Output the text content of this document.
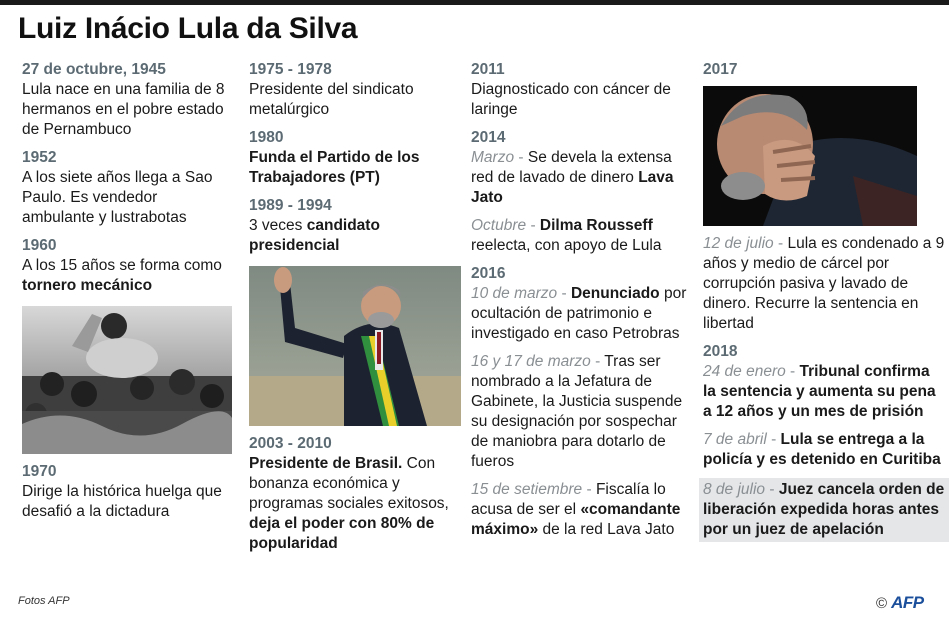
Luiz Inácio Lula da Silva
27 de octubre, 1945
Lula nace en una familia de 8 hermanos en el pobre estado de Pernambuco
1952
A los siete años llega a Sao Paulo. Es vendedor ambulante y lustrabotas
1960
A los 15 años se forma como tornero mecánico
1970
Dirige la histórica huelga que desafió a la dictadura
1975 - 1978
Presidente del sindicato metalúrgico
1980
Funda el Partido de los Trabajadores (PT)
1989 - 1994
3 veces candidato presidencial
2003 - 2010
Presidente de Brasil. Con bonanza económica y programas sociales exitosos, deja el poder con 80% de popularidad
2011
Diagnosticado con cáncer de laringe
2014
Marzo - Se devela la extensa red de lavado de dinero Lava Jato
Octubre - Dilma Rousseff reelecta, con apoyo de Lula
2016
10 de marzo - Denunciado por ocultación de patrimonio e investigado en caso Petrobras
16 y 17 de marzo - Tras ser nombrado a la Jefatura de Gabinete, la Justicia suspende su designación por sospechar de maniobra para dotarlo de fueros
15 de setiembre - Fiscalía lo acusa de ser el «comandante máximo» de la red Lava Jato
2017
12 de julio - Lula es condenado a 9 años y medio de cárcel por corrupción pasiva y lavado de dinero. Recurre la sentencia en libertad
2018
24 de enero - Tribunal confirma la sentencia y aumenta su pena a 12 años y un mes de prisión
7 de abril - Lula se entrega a la policía y es detenido en Curitiba
8 de julio - Juez cancela orden de liberación expedida horas antes por un juez de apelación
Fotos AFP	© AFP
